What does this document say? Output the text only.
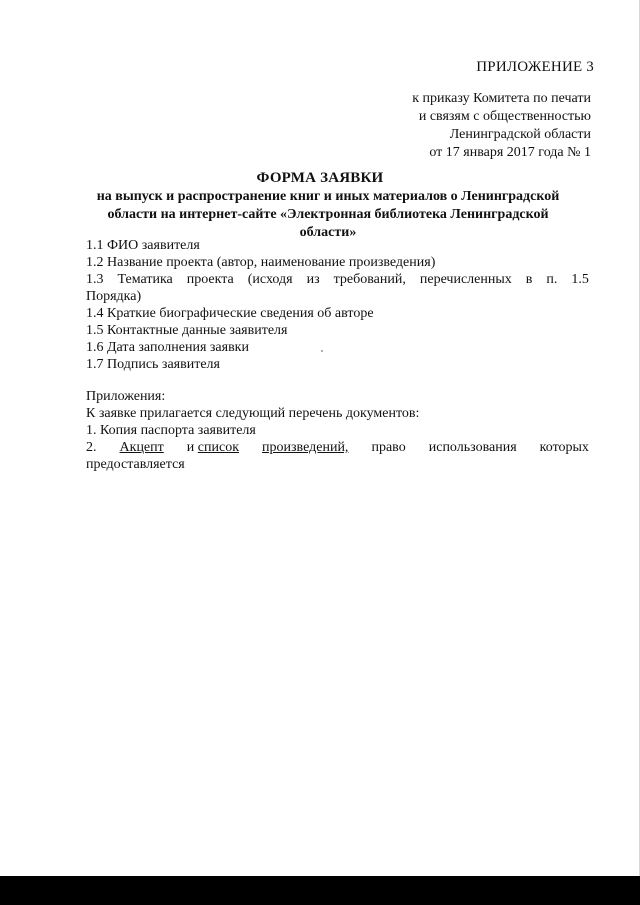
ПРИЛОЖЕНИЕ 3
к приказу Комитета по печати
и связям с общественностью
Ленинградской области
от 17 января 2017 года № 1
ФОРМА ЗАЯВКИ
на выпуск и распространение книг и иных материалов о Ленинградской
области на интернет-сайте «Электронная библиотека Ленинградской
области»
1.1 ФИО заявителя
1.2 Название проекта (автор, наименование произведения)
1.3 Тематика проекта (исходя из требований, перечисленных в п. 1.5
Порядка)
1.4 Краткие биографические сведения об авторе
1.5 Контактные данные заявителя
1.6 Дата заполнения заявки
1.7 Подпись заявителя
Приложения:
К заявке прилагается следующий перечень документов:
1. Копия паспорта заявителя
2. Акцепт и список произведений, право использования которых
предоставляется
